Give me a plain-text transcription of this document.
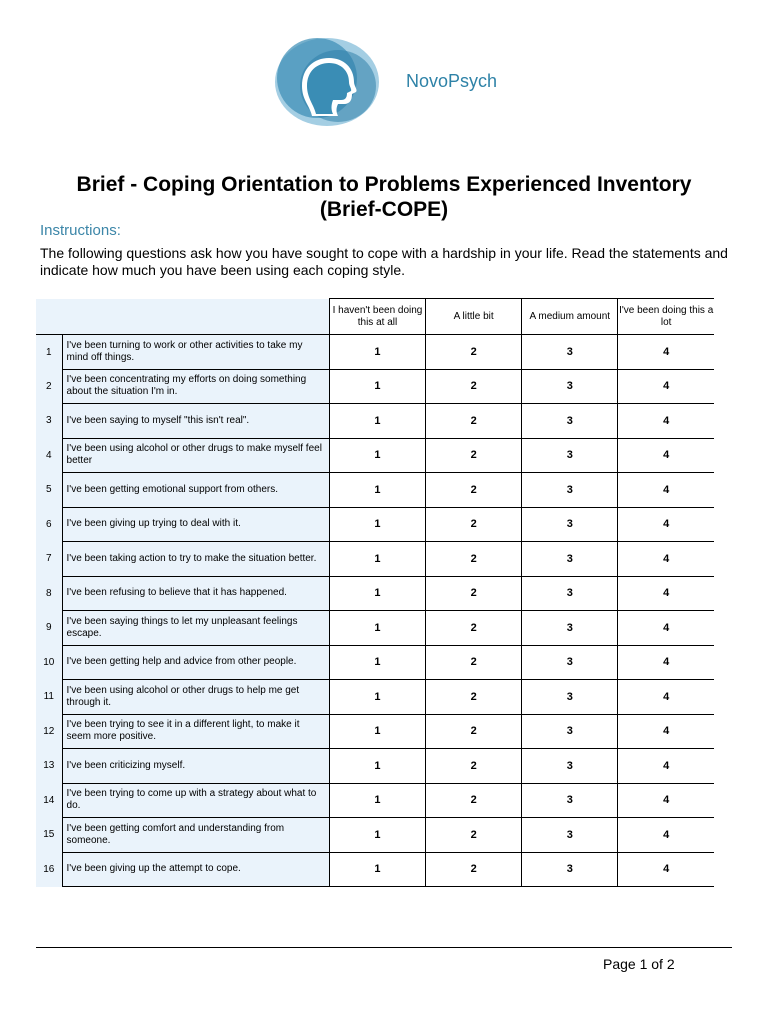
NovoPsych
Brief - Coping Orientation to Problems Experienced Inventory
(Brief-COPE)
Instructions:
The following questions ask how you have sought to cope with a hardship in your life. Read the statements and indicate how much you have been using each coping style.
		I haven't been doing this at all	A little bit	A medium amount	I've been doing this a lot
1	I've been turning to work or other activities to take my mind off things.	1	2	3	4
2	I've been concentrating my efforts on doing something about the situation I'm in.	1	2	3	4
3	I've been saying to myself "this isn't real".	1	2	3	4
4	I've been using alcohol or other drugs to make myself feel better	1	2	3	4
5	I've been getting emotional support from others.	1	2	3	4
6	I've been giving up trying to deal with it.	1	2	3	4
7	I've been taking action to try to make the situation better.	1	2	3	4
8	I've been refusing to believe that it has happened.	1	2	3	4
9	I've been saying things to let my unpleasant feelings escape.	1	2	3	4
10	I've been getting help and advice from other people.	1	2	3	4
11	I've been using alcohol or other drugs to help me get through it.	1	2	3	4
12	I've been trying to see it in a different light, to make it seem more positive.	1	2	3	4
13	I've been criticizing myself.	1	2	3	4
14	I've been trying to come up with a strategy about what to do.	1	2	3	4
15	I've been getting comfort and understanding from someone.	1	2	3	4
16	I've been giving up the attempt to cope.	1	2	3	4
Page 1 of 2
